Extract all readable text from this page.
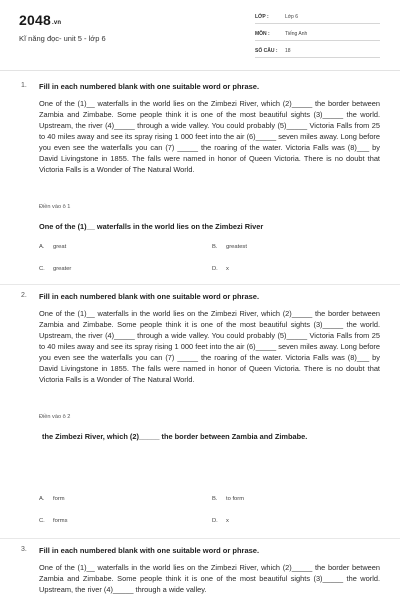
2048.vn
Kĩ năng đọc- unit 5 - lớp 6
LỚP :	Lớp 6
MÔN :	Tiếng Anh
SỐ CÂU :	18
1. Fill in each numbered blank with one suitable word or phrase.

One of the (1)__ waterfalls in the world lies on the Zimbezi River, which (2)_____ the border between Zambia and Zimbabe. Some people think it is one of the most beautiful sights (3)_____ the world. Upstream, the river (4)_____ through a wide valley. You could probably (5)_____ Victoria Falls from 25 to 40 miles away and see its spray rising 1 000 feet into the air (6)_____ seven miles away. Long before you even see the waterfalls you can (7) _____ the roaring of the water. Victoria Falls was (8)___ by David Livingstone in 1855. The falls were named in honor of Queen Victoria. There is no doubt that Victoria Falls is a Wonder of The Natural World.

Điền vào ô 1
One of the (1)__ waterfalls in the world lies on the Zimbezi River
A.	great	B.	greatest
C.	greater	D.	x
2. Fill in each numbered blank with one suitable word or phrase.

One of the (1)__ waterfalls in the world lies on the Zimbezi River, which (2)_____ the border between Zambia and Zimbabe. Some people think it is one of the most beautiful sights (3)_____ the world. Upstream, the river (4)_____ through a wide valley. You could probably (5)_____ Victoria Falls from 25 to 40 miles away and see its spray rising 1 000 feet into the air (6)_____ seven miles away. Long before you even see the waterfalls you can (7) _____ the roaring of the water. Victoria Falls was (8)___ by David Livingstone in 1855. The falls were named in honor of Queen Victoria. There is no doubt that Victoria Falls is a Wonder of The Natural World.

Điền vào ô 2
the Zimbezi River, which (2)_____ the border between Zambia and Zimbabe.
A.	form	B.	to form
C.	forms	D.	x
3. Fill in each numbered blank with one suitable word or phrase.

One of the (1)__ waterfalls in the world lies on the Zimbezi River, which (2)_____ the border between Zambia and Zimbabe. Some people think it is one of the most beautiful sights (3)_____ the world. Upstream, the river (4)_____ through a wide valley.
